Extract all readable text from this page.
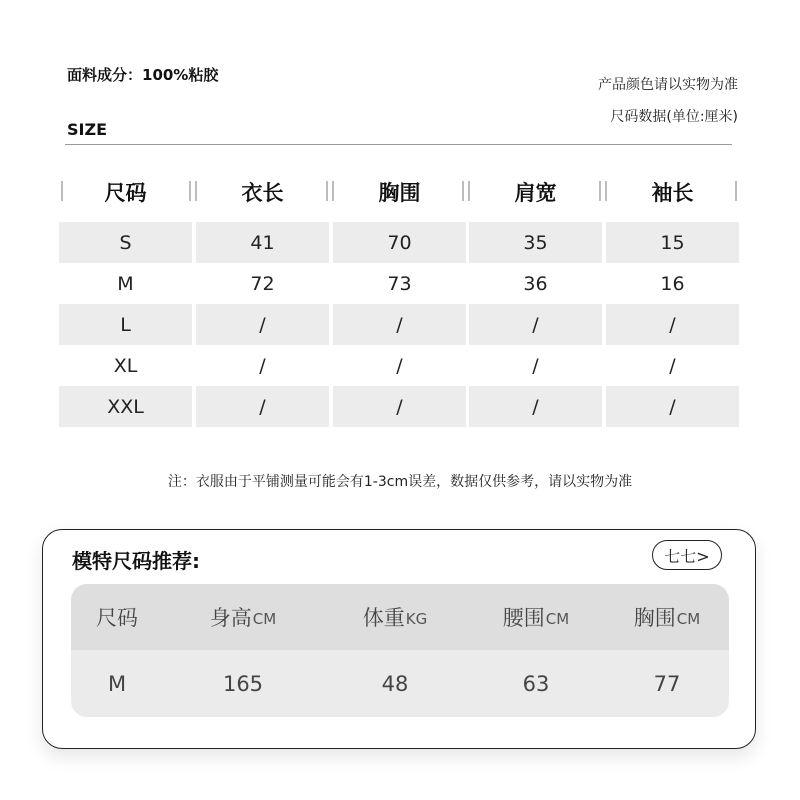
面料成分：100%粘胶
产品颜色请以实物为准
尺码数据(单位:厘米)
SIZE
尺码	衣长	胸围	肩宽	袖长
S	41	70	35	15
M	72	73	36	16
L	/	/	/	/
XL	/	/	/	/
XXL	/	/	/	/
注：衣服由于平铺测量可能会有1-3cm误差，数据仅供参考，请以实物为准
模特尺码推荐:	七七>
尺码	身高 CM	体重 KG	腰围 CM	胸围 CM
M	165	48	63	77
